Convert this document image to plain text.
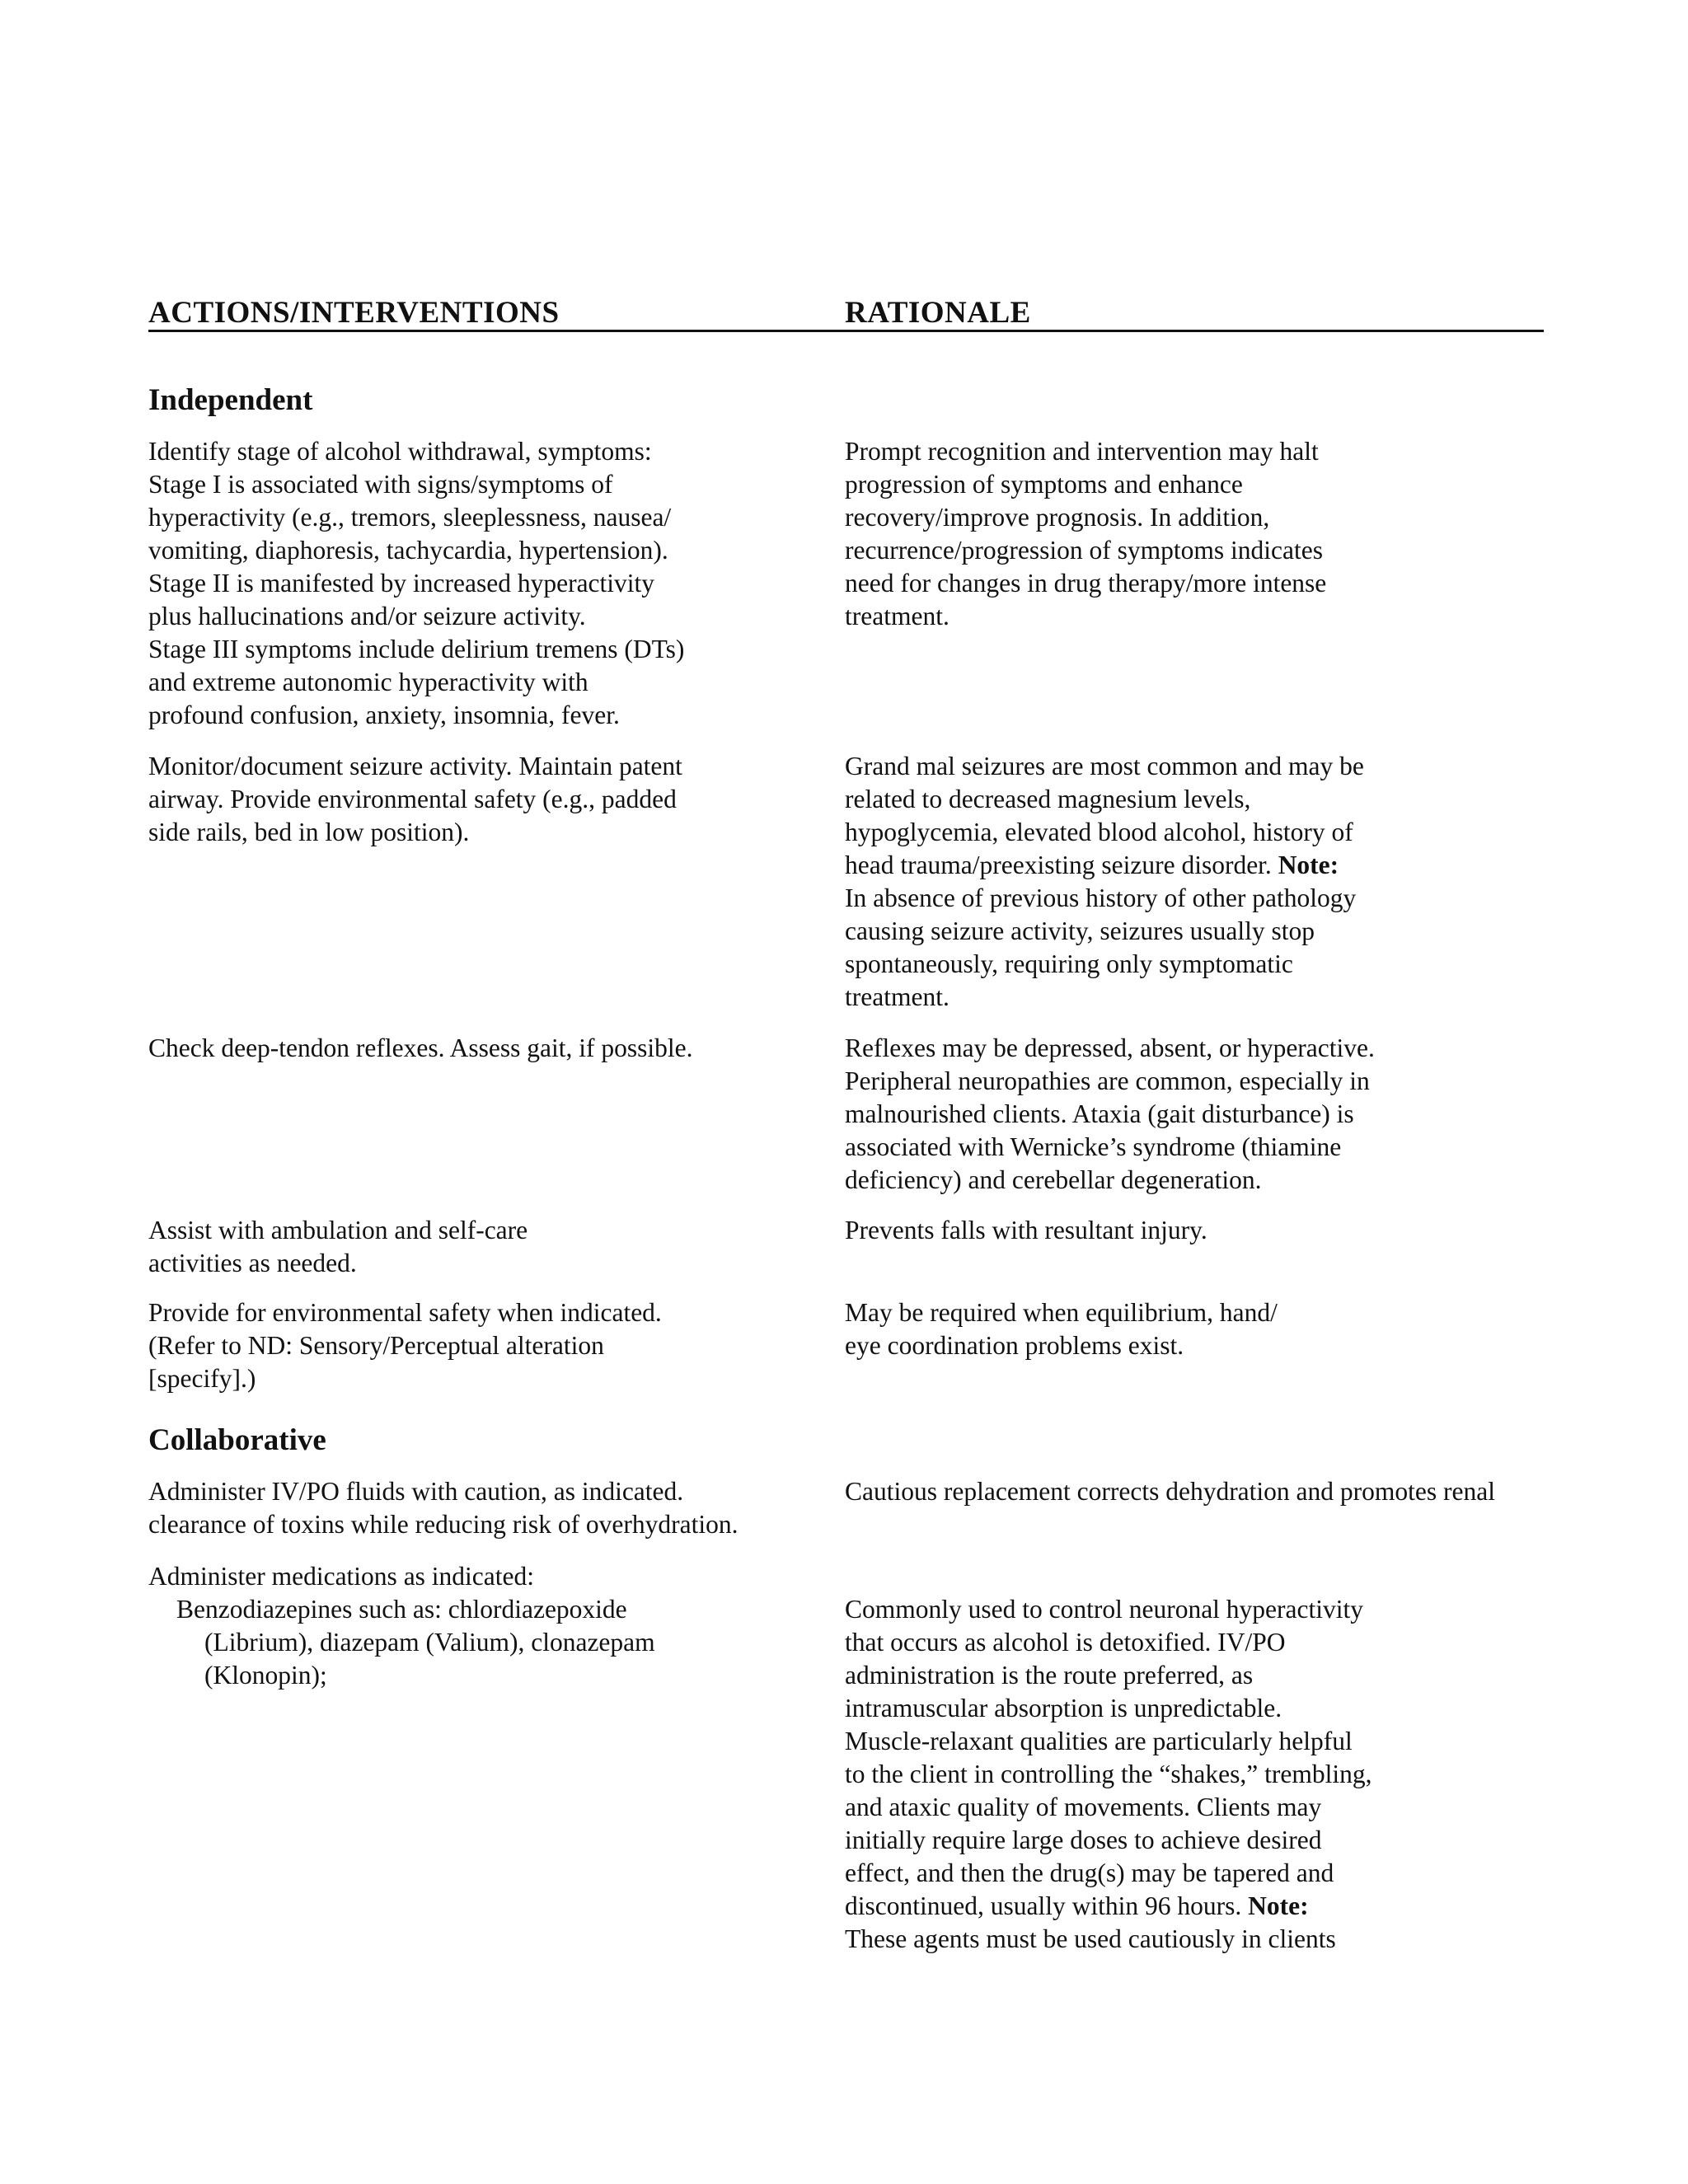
ACTIONS/INTERVENTIONS	RATIONALE
Independent
Identify stage of alcohol withdrawal, symptoms:
Stage I is associated with signs/symptoms of
hyperactivity (e.g., tremors, sleeplessness, nausea/
vomiting, diaphoresis, tachycardia, hypertension).
Stage II is manifested by increased hyperactivity
plus hallucinations and/or seizure activity.
Stage III symptoms include delirium tremens (DTs)
and extreme autonomic hyperactivity with
profound confusion, anxiety, insomnia, fever.
Prompt recognition and intervention may halt
progression of symptoms and enhance
recovery/improve prognosis. In addition,
recurrence/progression of symptoms indicates
need for changes in drug therapy/more intense
treatment.
Monitor/document seizure activity. Maintain patent
airway. Provide environmental safety (e.g., padded
side rails, bed in low position).
Grand mal seizures are most common and may be
related to decreased magnesium levels,
hypoglycemia, elevated blood alcohol, history of
head trauma/preexisting seizure disorder. Note:
In absence of previous history of other pathology
causing seizure activity, seizures usually stop
spontaneously, requiring only symptomatic
treatment.
Check deep-tendon reflexes. Assess gait, if possible.	Reflexes may be depressed, absent, or hyperactive.
Peripheral neuropathies are common, especially in
malnourished clients. Ataxia (gait disturbance) is
associated with Wernicke’s syndrome (thiamine
deficiency) and cerebellar degeneration.
Assist with ambulation and self-care
activities as needed.
Prevents falls with resultant injury.
Provide for environmental safety when indicated.
(Refer to ND: Sensory/Perceptual alteration
[specify].)
May be required when equilibrium, hand/
eye coordination problems exist.
Collaborative
Administer IV/PO fluids with caution, as indicated.
clearance of toxins while reducing risk of overhydration.
Cautious replacement corrects dehydration and promotes renal
Administer medications as indicated:
Benzodiazepines such as: chlordiazepoxide
(Librium), diazepam (Valium), clonazepam
(Klonopin);
Commonly used to control neuronal hyperactivity
that occurs as alcohol is detoxified. IV/PO
administration is the route preferred, as
intramuscular absorption is unpredictable.
Muscle-relaxant qualities are particularly helpful
to the client in controlling the “shakes,” trembling,
and ataxic quality of movements. Clients may
initially require large doses to achieve desired
effect, and then the drug(s) may be tapered and
discontinued, usually within 96 hours. Note:
These agents must be used cautiously in clients
